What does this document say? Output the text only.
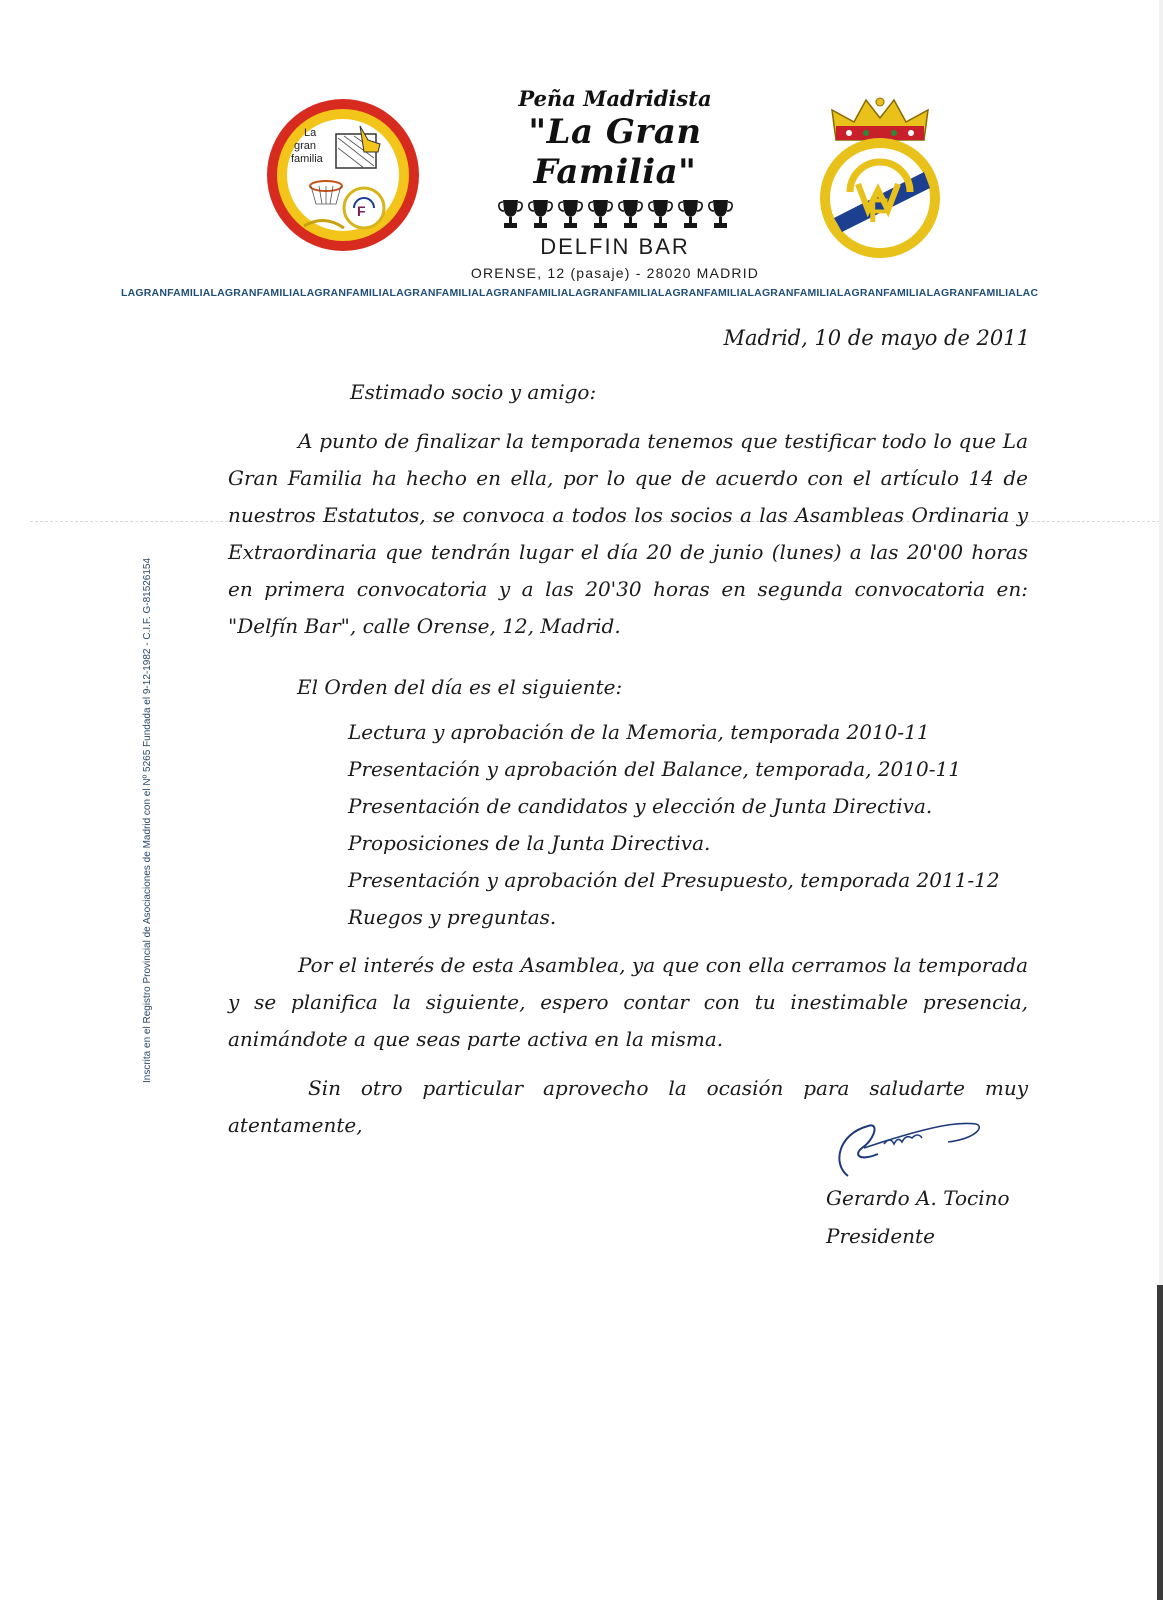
La
gran
familia
F

Peña Madridista

"La Gran Familia"

DELFIN BAR
ORENSE, 12 (pasaje) - 28020 MADRID
F
LAGRANFAMILIALAGRANFAMILIALAGRANFAMILIALAGRANFAMILIALAGRANFAMILIALAGRANFAMILIALAGRANFAMILIALAGRANFAMILIALAGRANFAMILIALAGRANFAMILIALAC
Inscrita en el Registro Provincial de Asociaciones de Madrid con el Nº 5265 Fundada el 9-12-1982 - C.I.F. G-81526154
Madrid, 10 de mayo de 2011
Estimado socio y amigo:

A punto de finalizar la temporada tenemos que testificar todo lo que La Gran Familia ha hecho en ella, por lo que de acuerdo con el artículo 14 de nuestros Estatutos, se convoca a todos los socios a las Asambleas Ordinaria y Extraordinaria que tendrán lugar el día 20 de junio (lunes) a las 20'00 horas en primera convocatoria y a las 20'30 horas en segunda convocatoria en: "Delfín Bar", calle Orense, 12, Madrid.

El Orden del día es el siguiente:
Lectura y aprobación de la Memoria, temporada 2010-11
Presentación y aprobación del Balance, temporada, 2010-11
Presentación de candidatos y elección de Junta Directiva.
Proposiciones de la Junta Directiva.
Presentación y aprobación del Presupuesto, temporada 2011-12
Ruegos y preguntas.

Por el interés de esta Asamblea, ya que con ella cerramos la temporada y se planifica la siguiente, espero contar con tu inestimable presencia, animándote a que seas parte activa en la misma.

Sin otro particular aprovecho la ocasión para saludarte muy atentamente,

Gerardo A. Tocino
Presidente
